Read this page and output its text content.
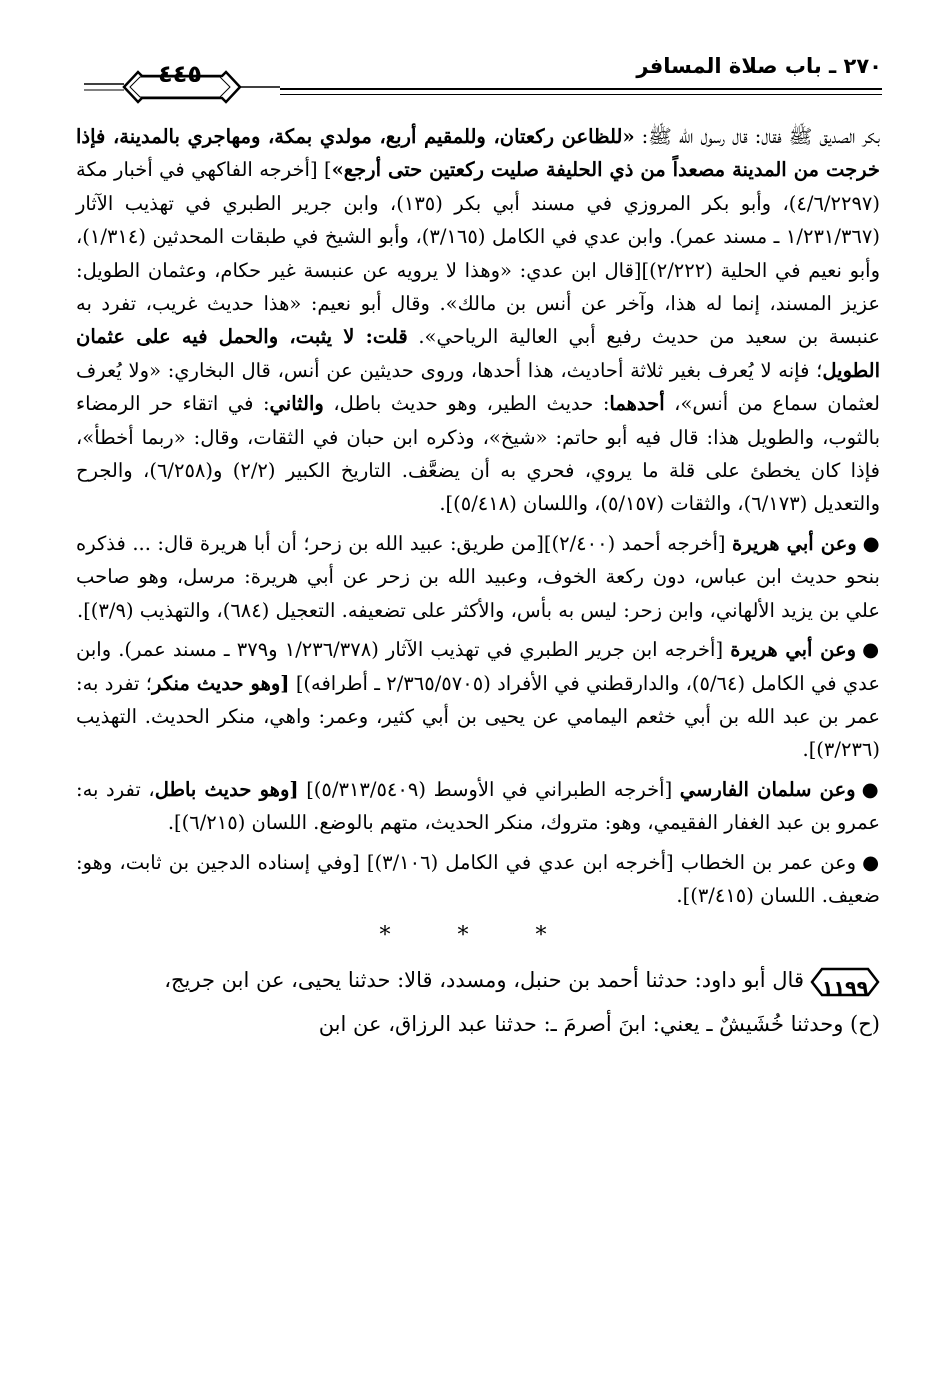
٢٧٠ ـ باب صلاة المسافر
٤٤٥

بكر الصديق ﷺ فقال: قال رسول الله ﷺ: «للظاعن ركعتان، وللمقيم أربع، مولدي بمكة، ومهاجري بالمدينة، فإذا خرجت من المدينة مصعداً من ذي الحليفة صليت ركعتين حتى أرجع»] [أخرجه الفاكهي في أخبار مكة (٤/٦/٢٢٩٧)، وأبو بكر المروزي في مسند أبي بكر (١٣٥)، وابن جرير الطبري في تهذيب الآثار (١/٢٣١/٣٦٧ ـ مسند عمر). وابن عدي في الكامل (٣/١٦٥)، وأبو الشيخ في طبقات المحدثين (١/٣١٤)، وأبو نعيم في الحلية (٢/٢٢٢)][قال ابن عدي: «وهذا لا يرويه عن عنبسة غير حكام، وعثمان الطويل: عزيز المسند، إنما له هذا، وآخر عن أنس بن مالك». وقال أبو نعيم: «هذا حديث غريب، تفرد به عنبسة بن سعيد من حديث رفيع أبي العالية الرياحي». قلت: لا يثبت، والحمل فيه على عثمان الطويل؛ فإنه لا يُعرف بغير ثلاثة أحاديث، هذا أحدها، وروى حديثين عن أنس، قال البخاري: «ولا يُعرف لعثمان سماع من أنس»، أحدهما: حديث الطير، وهو حديث باطل، والثاني: في اتقاء حر الرمضاء بالثوب، والطويل هذا: قال فيه أبو حاتم: «شيخ»، وذكره ابن حبان في الثقات، وقال: «ربما أخطأ»، فإذا كان يخطئ على قلة ما يروي، فحري به أن يضعَّف. التاريخ الكبير (٢/٢) و(٦/٢٥٨)، والجرح والتعديل (٦/١٧٣)، والثقات (٥/١٥٧)، واللسان (٥/٤١٨)].

●وعن أبي هريرة [أخرجه أحمد (٢/٤٠٠)][من طريق: عبيد الله بن زحر؛ أن أبا هريرة قال: ... فذكره بنحو حديث ابن عباس، دون ركعة الخوف، وعبيد الله بن زحر عن أبي هريرة: مرسل، وهو صاحب علي بن يزيد الألهاني، وابن زحر: ليس به بأس، والأكثر على تضعيفه. التعجيل (٦٨٤)، والتهذيب (٣/٩)].

●وعن أبي هريرة [أخرجه ابن جرير الطبري في تهذيب الآثار (١/٢٣٦/٣٧٨ و٣٧٩ ـ مسند عمر). وابن عدي في الكامل (٥/٦٤)، والدارقطني في الأفراد (٢/٣٦٥/٥٧٠٥ ـ أطرافه)] [وهو حديث منكر؛ تفرد به: عمر بن عبد الله بن أبي خثعم اليمامي عن يحيى بن أبي كثير، وعمر: واهي، منكر الحديث. التهذيب (٣/٢٣٦)].

●وعن سلمان الفارسي [أخرجه الطبراني في الأوسط (٥/٣١٣/٥٤٠٩)] [وهو حديث باطل، تفرد به: عمرو بن عبد الغفار الفقيمي، وهو: متروك، منكر الحديث، متهم بالوضع. اللسان (٦/٢١٥)].

●وعن عمر بن الخطاب [أخرجه ابن عدي في الكامل (٣/١٠٦)] [وفي إسناده الدجين بن ثابت، وهو: ضعيف. اللسان (٣/٤١٥)].

* * *

١١٩٩
قال أبو داود: حدثنا أحمد بن حنبل، ومسدد، قالا: حدثنا يحيى، عن ابن جريج،

(ح) وحدثنا خُشَيشٌ ـ يعني: ابنَ أصرمَ ـ: حدثنا عبد الرزاق، عن ابن
